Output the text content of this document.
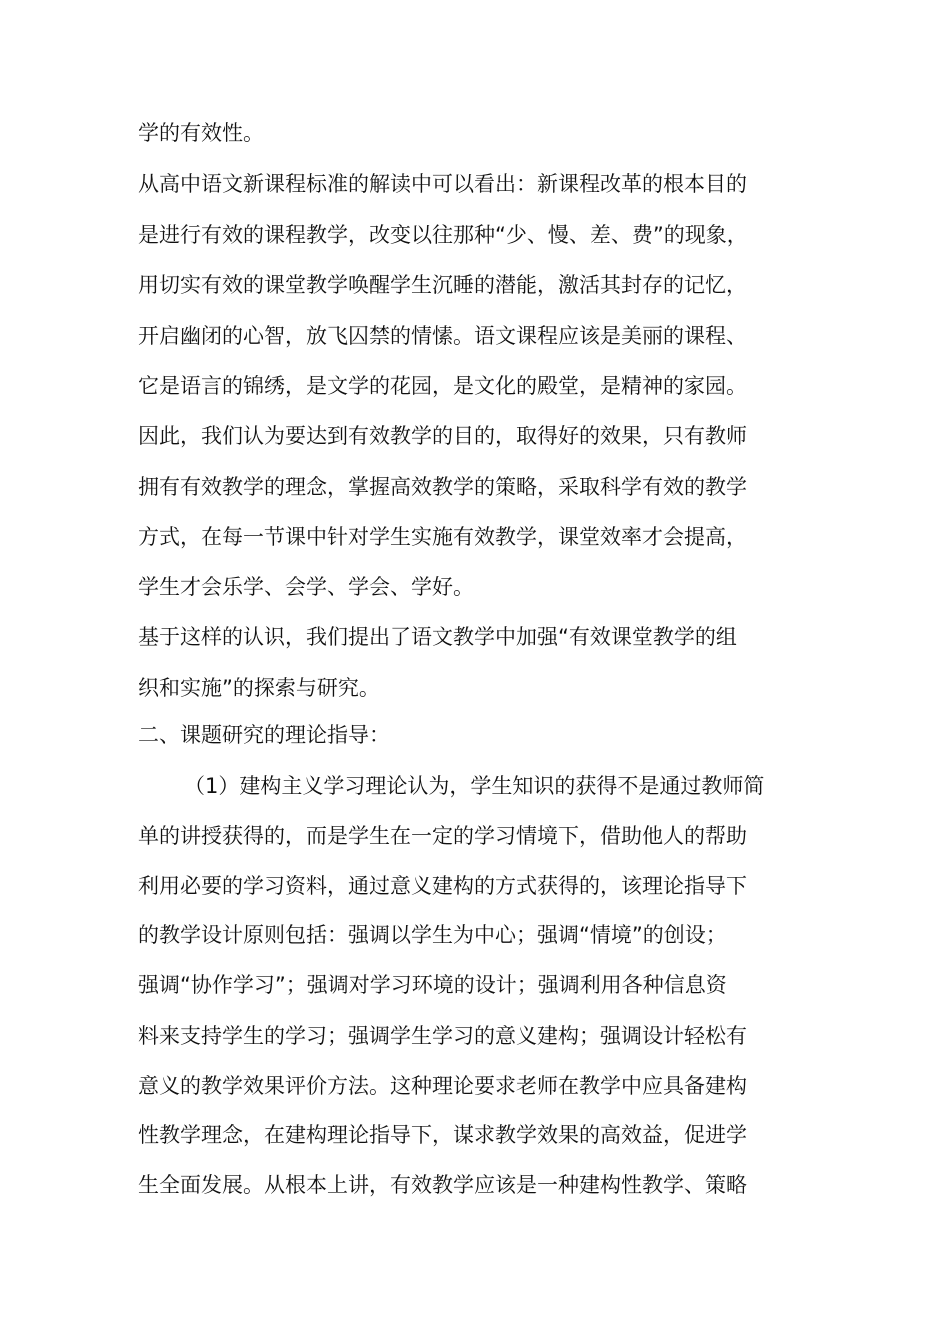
学的有效性。
从高中语文新课程标准的解读中可以看出：新课程改革的根本目的
是进行有效的课程教学，改变以往那种“少、慢、差、费”的现象，
用切实有效的课堂教学唤醒学生沉睡的潜能，激活其封存的记忆，
开启幽闭的心智，放飞囚禁的情愫。语文课程应该是美丽的课程、
它是语言的锦绣，是文学的花园，是文化的殿堂，是精神的家园。
因此，我们认为要达到有效教学的目的，取得好的效果，只有教师
拥有有效教学的理念，掌握高效教学的策略，采取科学有效的教学
方式，在每一节课中针对学生实施有效教学，课堂效率才会提高，
学生才会乐学、会学、学会、学好。
基于这样的认识，我们提出了语文教学中加强“有效课堂教学的组
织和实施”的探索与研究。
二、课题研究的理论指导：
（1）建构主义学习理论认为，学生知识的获得不是通过教师简
单的讲授获得的，而是学生在一定的学习情境下，借助他人的帮助
利用必要的学习资料，通过意义建构的方式获得的，该理论指导下
的教学设计原则包括：强调以学生为中心；强调“情境”的创设；
强调“协作学习”；强调对学习环境的设计；强调利用各种信息资
料来支持学生的学习；强调学生学习的意义建构；强调设计轻松有
意义的教学效果评价方法。这种理论要求老师在教学中应具备建构
性教学理念，在建构理论指导下，谋求教学效果的高效益，促进学
生全面发展。从根本上讲，有效教学应该是一种建构性教学、策略
